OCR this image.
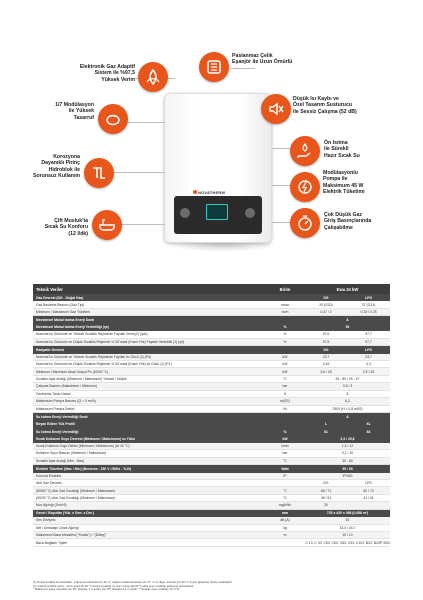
NOVATHERM
Elektronik Gaz Adaptif
Sistem ile %97,5
Yüksek Verim
Paslanmaz Çelik
Eşanjör ile Uzun Ömürlü
1/7 Modülasyon
ile Yüksek
Tasarruf
Düşük Isı Kaybı ve
Özel Tasarım Susturucu
ile Sessiz Çalışma (52 dB)
Ön Isıtma
ile Sürekli
Hazır Sıcak Su
Korozyona
Dayanıklı Pirinç
Hidroblok ile
Sorunsuz Kullanım
Modülasyonlu
Pompa ile
Maksimum 45 W
Elektrik Tüketimi
Çift Musluk'ta
Sıcak Su Konforu
(12 l/dk)
Çok Düşük Gaz
Giriş Basınçlarında
Çalışabilme
Teknik Veriler	Birim	Ewa 24 kW
Gaz Devresi (DG - Doğal Gaz)	DG	LPG
Gaz Besleme Basıncı (Gaz Tipi)	mbar	20 (G20)	37 (G31)
Minimum / Maksimum Gaz Tüketimi	m³/h	0,37 / 2	0,15 / 0,78
Mevsimsel Mahal Isıtma Enerji Sınıfı	A
Mevsimsel Mahal Isıtma Enerji Verimliliği (ηs)	%	92
Nominal Isı Gücünde ve Yüksek Sıcaklık Rejiminde Faydalı Verim(2) (ηd4)	%	97,6	97,7
Nominal Isı Gücünün ve Düşük Sıcaklık Rejiminin % 30'unda (Kısmi Yük) Faydalı Verimlilik (1) (ηd)	%	97,5	97,7
Radyatör Devresi	DG	LPG
Nominal Isı Gücünde ve Yüksek Sıcaklık Rejiminde Faydalı Isı Gücü (2) (P4)	kW	23,7	23,7
Nominal Isı Gücünün ve Düşük Sıcaklık Rejiminin % 30'unda (Kısmi Yük) Isı Gücü (1) (P1)	kW	4,34	4,4
Minimum / Maximum Akışt Output Pn (50/30 °C)	kW	3,6 / 25	2,5 / 25
Sıcaklık Ayar Aralığı (Minimum / Maksimum) Yüksek / Düşük	°C	25 - 80 / 25 - 47
Çalışma Basıncı (Maksimum / Minimum)	bar	0,5 / 3
Genleşme Tankı Hacmi	lt	8
Maksimum Pompa Basıncı (Q = 0 m³/h)	m(SS)	6,2
Maksimum Pompa Debisi	l/h	2500 (H = 0,8 mSS)
Su Isıtma Enerji Verimliliği Sınıfı	A
Beyan Edilen Yük Profili	L	XL
Su Isıtma Enerji Verimliliği	%	81	84
Sıcak Kullanım Suyu Devresi (Minimum / Maksimum) ısı Yükü	kW	3,3 / 25,6
Sıcak Kullanım Suyu Debisi (Minimum / Maksimum) (Δt 30 °C)	l/min	1,5 / 12
Kullanım Suyu Basıncı (Minimum / Maksimum)	bar	0,2 / 10
Sıcaklık Ayar Aralığı (Min - Max)	°C	35 - 60
Elektrik Tüketimi (Max / Min) (Besleme : 230 V ≈50Hz - %10)	Watt	95 / 55
Koruma Endeksi	IP	IPX5D
Atık Gaz Devresi	DG	LPG
(80/60 °C) Atık Gaz Sıcaklığı (Minimum / Maksimum)	°C	65 / 71	60 / 70
(50/30 °C) Atık Gaz Sıcaklığı (Minimum / Maksimum)	°C	45 / 51	41 / 51
Nox Ağırlığı (Sınıf 6)	mg/kWh	20
Genel / Boyutlar (Yük. x Gen. x Der.)	mm	725 x 420 x 268 (0,088 m³)
Ses Seviyesi	dB (A)	52
Net / Ambalajlı Cihaz Ağırlığı	kg	33,3 / 34,7
Maksimum Baca Mesafesi ("Koaks") / "(Dikey)"	m	10 / 10
Baca Bağlantı Tipleri	C 13, C 33, C53, C63, C83, C93, C103, B23, B23P, B33
(1) Düşük sıcaklık ile kastedilen, yoğuşmalı kazanlar için 30 °C, düşük sıcaklık kazanları için 37 °C ve diğer ısıtıcılar için 50 °C (ısıtıcı girişinde) dönüş sıcaklığıdır.
(2) Yüksek sıcaklık rejimi : ısıtıcı girişinde 60 °C dönüş sıcaklığı ve ısıtıcı çıkışında 80 °C akış suyu sıcaklığı anlamına gelmektedir.
* Maksimum baca mesafesi her 90° dirsekte 1 m azalır, her 45° dirsekte 0,5 m azalır. ** Şebeke suyu sıcaklığı 10 °C'tir.
